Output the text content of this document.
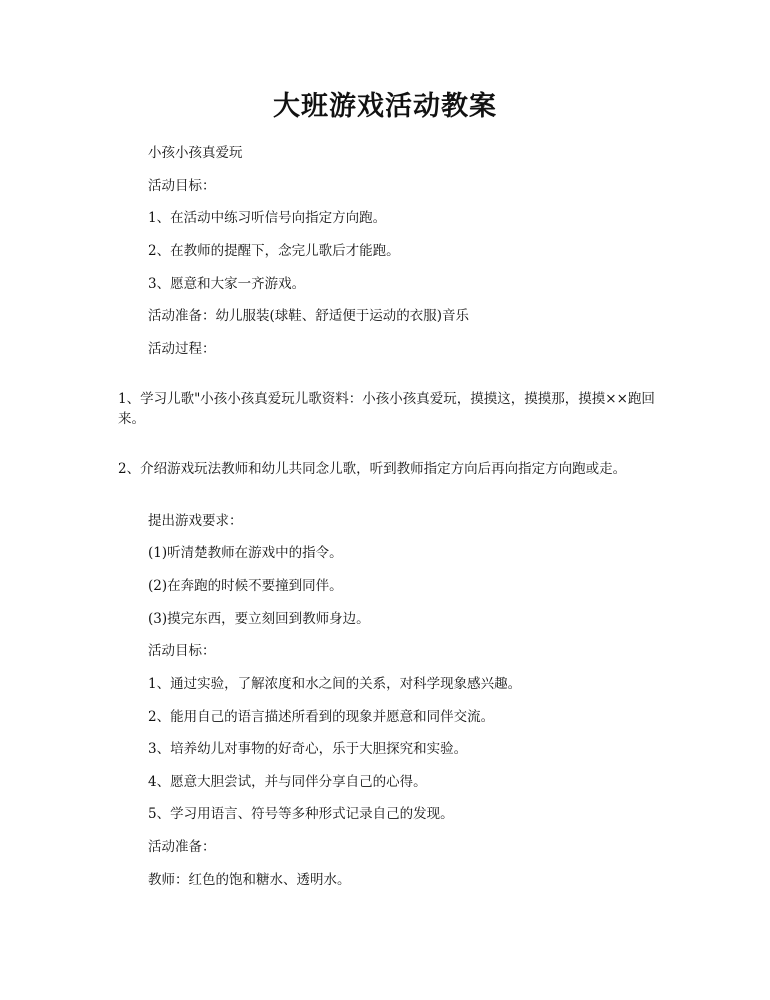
大班游戏活动教案

小孩小孩真爱玩

活动目标：

1、在活动中练习听信号向指定方向跑。

2、在教师的提醒下，念完儿歌后才能跑。

3、愿意和大家一齐游戏。

活动准备：幼儿服装(球鞋、舒适便于运动的衣服)音乐

活动过程：

1、学习儿歌"小孩小孩真爱玩儿歌资料：小孩小孩真爱玩，摸摸这，摸摸那，摸摸××跑回来。

2、介绍游戏玩法教师和幼儿共同念儿歌，听到教师指定方向后再向指定方向跑或走。

提出游戏要求：

(1)听清楚教师在游戏中的指令。

(2)在奔跑的时候不要撞到同伴。

(3)摸完东西，要立刻回到教师身边。

活动目标：

1、通过实验，了解浓度和水之间的关系，对科学现象感兴趣。

2、能用自己的语言描述所看到的现象并愿意和同伴交流。

3、培养幼儿对事物的好奇心，乐于大胆探究和实验。

4、愿意大胆尝试，并与同伴分享自己的心得。

5、学习用语言、符号等多种形式记录自己的发现。

活动准备：

教师：红色的饱和糖水、透明水。
